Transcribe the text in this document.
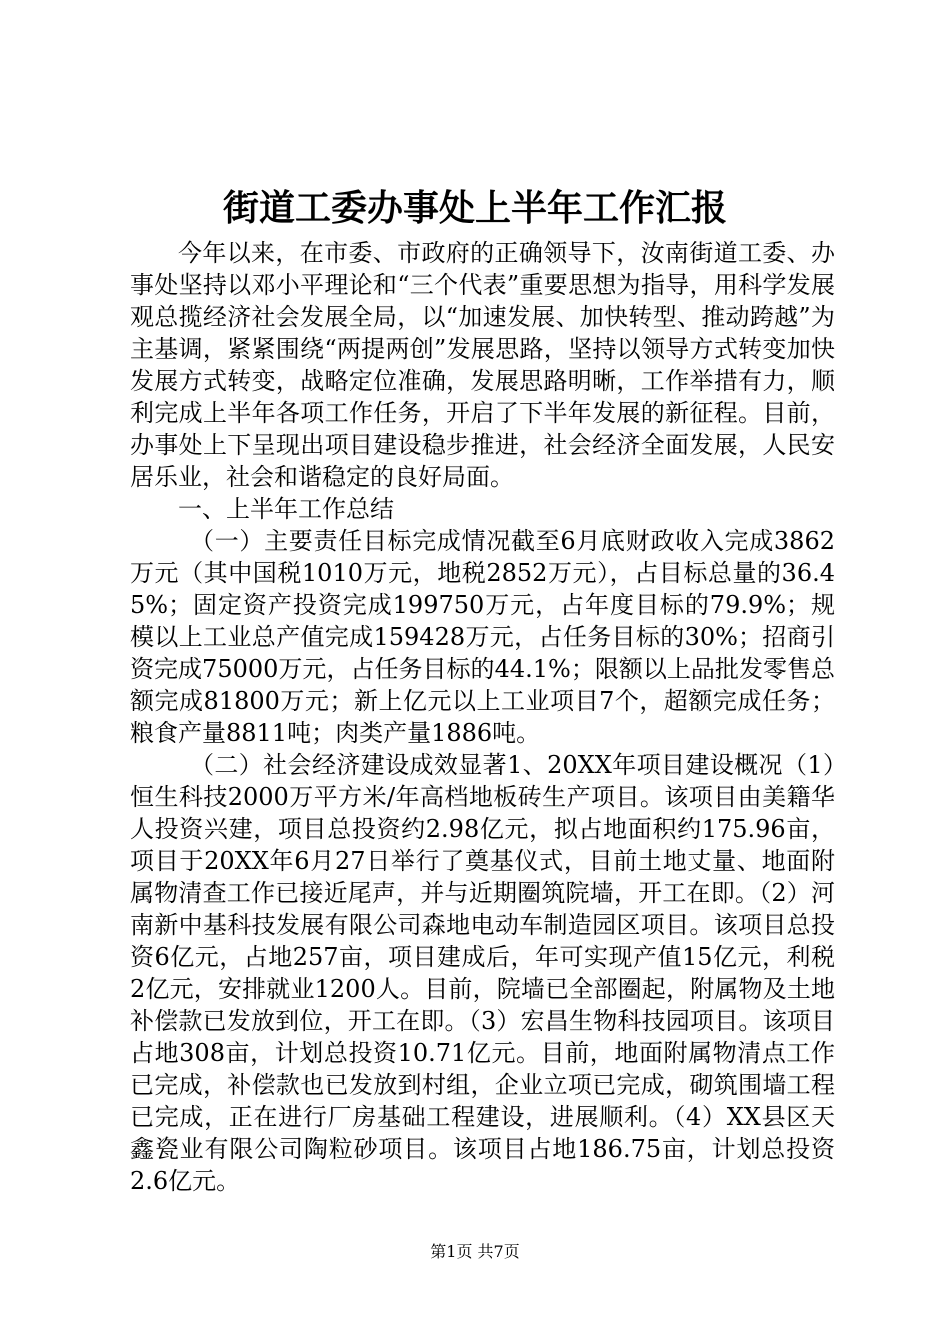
街道工委办事处上半年工作汇报

今年以来，在市委、市政府的正确领导下，汝南街道工委、办事处坚持以邓小平理论和“三个代表”重要思想为指导，用科学发展观总揽经济社会发展全局，以“加速发展、加快转型、推动跨越”为主基调，紧紧围绕“两提两创”发展思路，坚持以领导方式转变加快发展方式转变，战略定位准确，发展思路明晰，工作举措有力，顺利完成上半年各项工作任务，开启了下半年发展的新征程。目前，办事处上下呈现出项目建设稳步推进，社会经济全面发展，人民安居乐业，社会和谐稳定的良好局面。

一、上半年工作总结

（一）主要责任目标完成情况截至6月底财政收入完成3862万元（其中国税1010万元，地税2852万元），占目标总量的36.45%；固定资产投资完成199750万元，占年度目标的79.9%；规模以上工业总产值完成159428万元，占任务目标的30%；招商引资完成75000万元，占任务目标的44.1%；限额以上品批发零售总额完成81800万元；新上亿元以上工业项目7个，超额完成任务；粮食产量8811吨；肉类产量1886吨。

（二）社会经济建设成效显著1、20XX年项目建设概况（1）恒生科技2000万平方米/年高档地板砖生产项目。该项目由美籍华人投资兴建，项目总投资约2.98亿元，拟占地面积约175.96亩，项目于20XX年6月27日举行了奠基仪式，目前土地丈量、地面附属物清查工作已接近尾声，并与近期圈筑院墙，开工在即。（2）河南新中基科技发展有限公司森地电动车制造园区项目。该项目总投资6亿元，占地257亩，项目建成后，年可实现产值15亿元，利税2亿元，安排就业1200人。目前，院墙已全部圈起，附属物及土地补偿款已发放到位，开工在即。（3）宏昌生物科技园项目。该项目占地308亩，计划总投资10.71亿元。目前，地面附属物清点工作已完成，补偿款也已发放到村组，企业立项已完成，砌筑围墙工程已完成，正在进行厂房基础工程建设，进展顺利。（4）XX县区天鑫瓷业有限公司陶粒砂项目。该项目占地186.75亩，计划总投资2.6亿元。

第1页 共7页
